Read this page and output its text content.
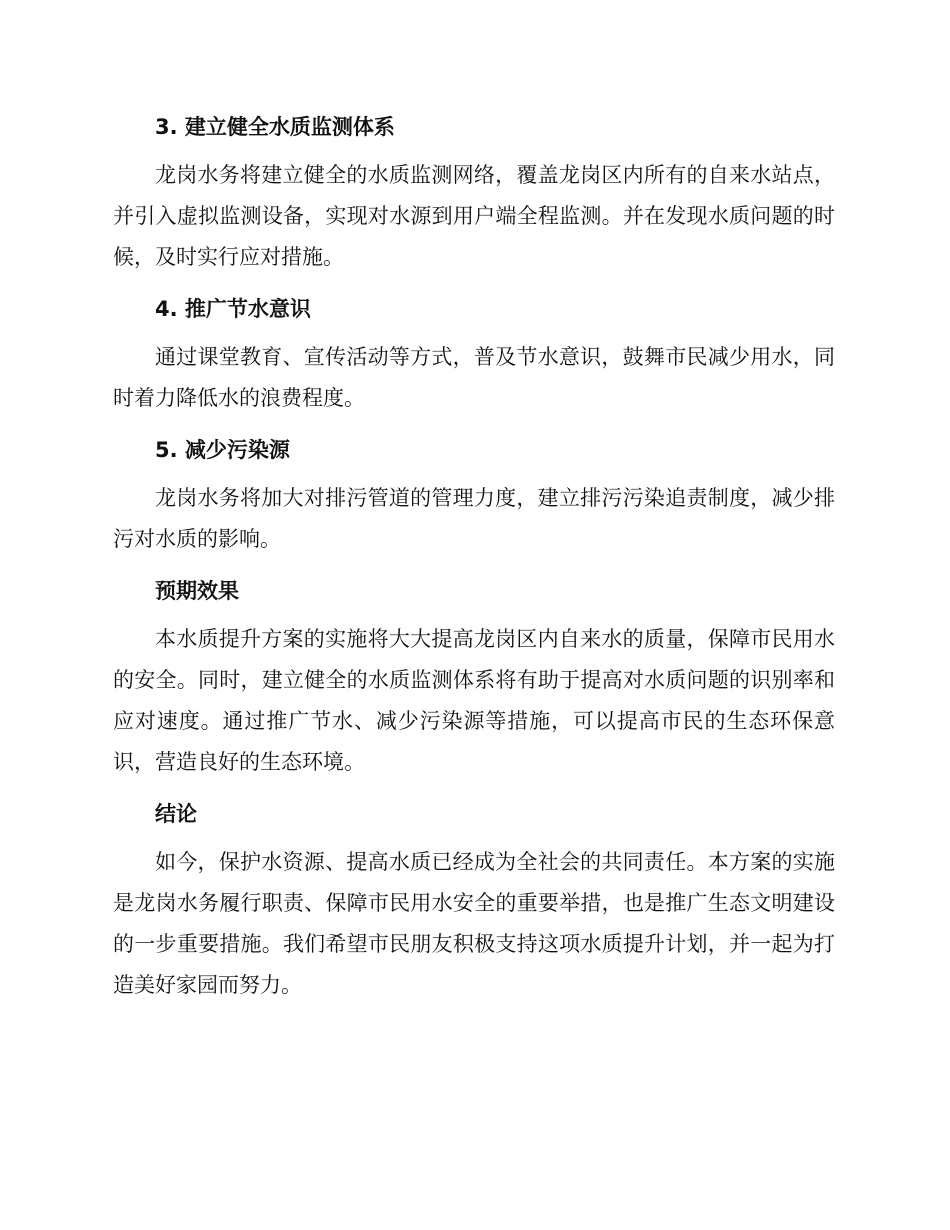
3. 建立健全水质监测体系

龙岗水务将建立健全的水质监测网络，覆盖龙岗区内所有的自来水站点，并引入虚拟监测设备，实现对水源到用户端全程监测。并在发现水质问题的时候，及时实行应对措施。

4. 推广节水意识

通过课堂教育、宣传活动等方式，普及节水意识，鼓舞市民减少用水，同时着力降低水的浪费程度。

5. 减少污染源

龙岗水务将加大对排污管道的管理力度，建立排污污染追责制度，减少排污对水质的影响。

预期效果

本水质提升方案的实施将大大提高龙岗区内自来水的质量，保障市民用水的安全。同时，建立健全的水质监测体系将有助于提高对水质问题的识别率和应对速度。通过推广节水、减少污染源等措施，可以提高市民的生态环保意识，营造良好的生态环境。

结论

如今，保护水资源、提高水质已经成为全社会的共同责任。本方案的实施是龙岗水务履行职责、保障市民用水安全的重要举措，也是推广生态文明建设的一步重要措施。我们希望市民朋友积极支持这项水质提升计划，并一起为打造美好家园而努力。
